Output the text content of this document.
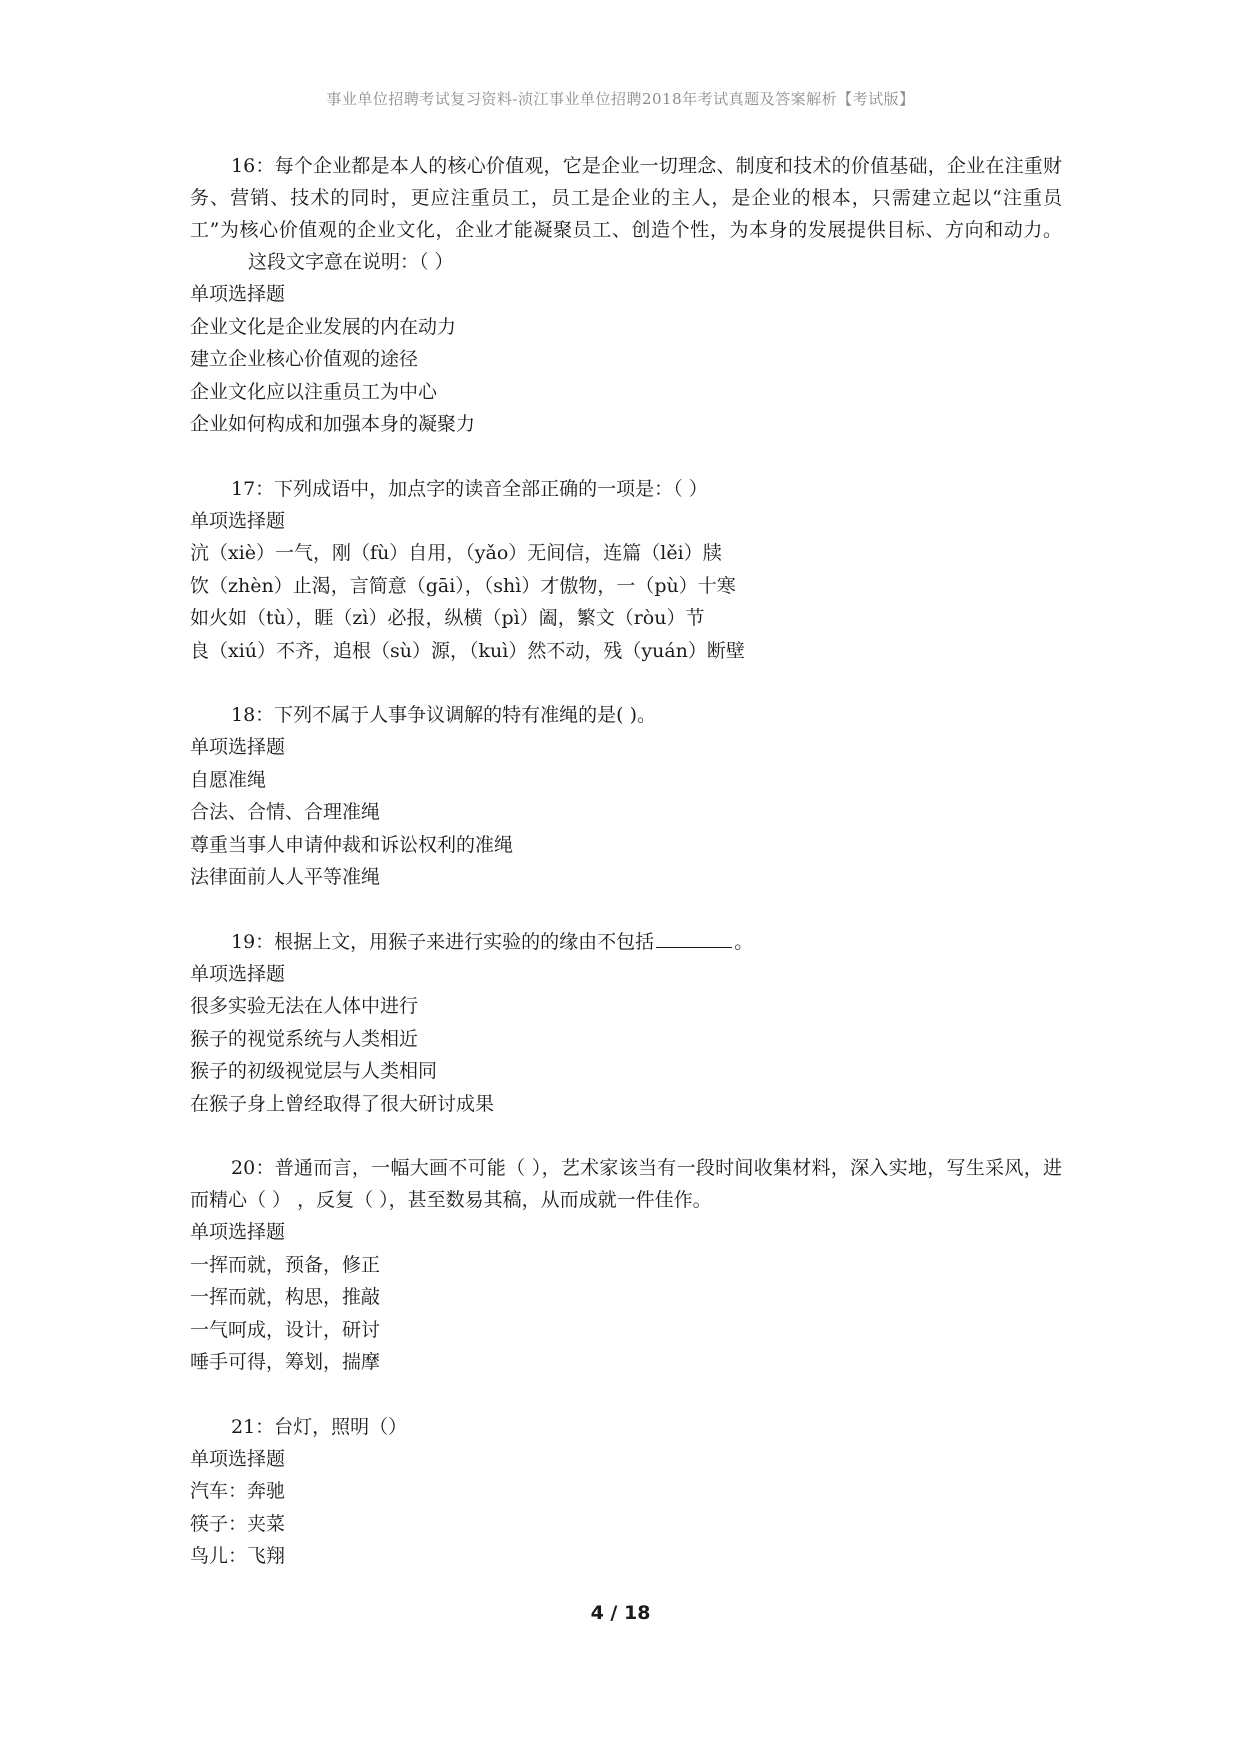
事业单位招聘考试复习资料-浈江事业单位招聘2018年考试真题及答案解析【考试版】

16：每个企业都是本人的核心价值观，它是企业一切理念、制度和技术的价值基础，企业在注重财务、营销、技术的同时，更应注重员工，员工是企业的主人，是企业的根本，只需建立起以“注重员工”为核心价值观的企业文化，企业才能凝聚员工、创造个性，为本身的发展提供目标、方向和动力。这段文字意在说明：（ ）

单项选择题

企业文化是企业发展的内在动力

建立企业核心价值观的途径

企业文化应以注重员工为中心

企业如何构成和加强本身的凝聚力

17：下列成语中，加点字的读音全部正确的一项是：（ ）

单项选择题

沆（xiè）一气，刚（fù）自用，（yǎo）无间信，连篇（lěi）牍

饮（zhèn）止渴，言简意（gāi），（shì）才傲物，一（pù）十寒

如火如（tù），睚（zì）必报，纵横（pì）阖，繁文（ròu）节

良（xiú）不齐，追根（sù）源，（kuì）然不动，残（yuán）断壁

18：下列不属于人事争议调解的特有准绳的是( )。

单项选择题

自愿准绳

合法、合情、合理准绳

尊重当事人申请仲裁和诉讼权利的准绳

法律面前人人平等准绳

19：根据上文，用猴子来进行实验的的缘由不包括	。

单项选择题

很多实验无法在人体中进行

猴子的视觉系统与人类相近

猴子的初级视觉层与人类相同

在猴子身上曾经取得了很大研讨成果

20：普通而言，一幅大画不可能（ ），艺术家该当有一段时间收集材料，深入实地，写生采风，进而精心（ ） ，反复（ ），甚至数易其稿，从而成就一件佳作。

单项选择题

一挥而就，预备，修正

一挥而就，构思，推敲

一气呵成，设计，研讨

唾手可得，筹划，揣摩

21：台灯，照明（）

单项选择题

汽车：奔驰

筷子：夹菜

鸟儿：飞翔

4 / 18
